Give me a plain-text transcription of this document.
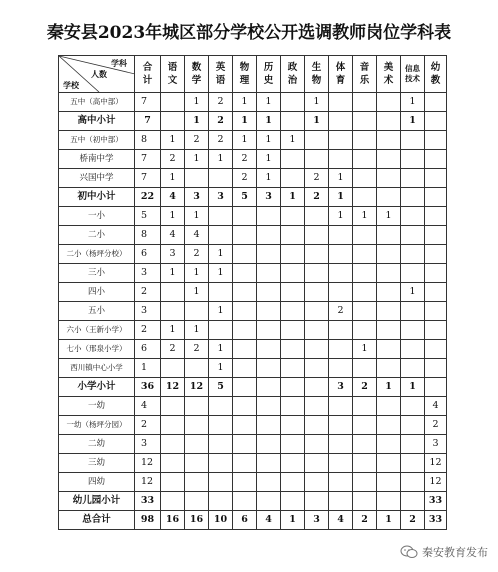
秦安县2023年城区部分学校公开选调教师岗位学科表
学科
人数
学校	合计	语文	数学	英语	物理	历史	政治	生物	体育	音乐	美术	信息技术	幼教
五中（高中部）	7		1	2	1	1		1				1	
高中小计	7		1	2	1	1		1				1	
五中（初中部）	8	1	2	2	1	1	1						
桥南中学	7	2	1	1	2	1							
兴国中学	7	1			2	1		2	1				
初中小计	22	4	3	3	5	3	1	2	1				
一小	5	1	1						1	1	1		
二小	8	4	4										
二小（杨坪分校）	6	3	2	1									
三小	3	1	1	1									
四小	2		1									1	
五小	3			1					2				
六小（王新小学）	2	1	1										
七小（邢泉小学）	6	2	2	1						1			
西川镇中心小学	1			1									
小学小计	36	12	12	5					3	2	1	1	
一幼	4												4
一幼（杨坪分园）	2												2
二幼	3												3
三幼	12												12
四幼	12												12
幼儿园小计	33												33
总合计	98	16	16	10	6	4	1	3	4	2	1	2	33
秦安教育发布
